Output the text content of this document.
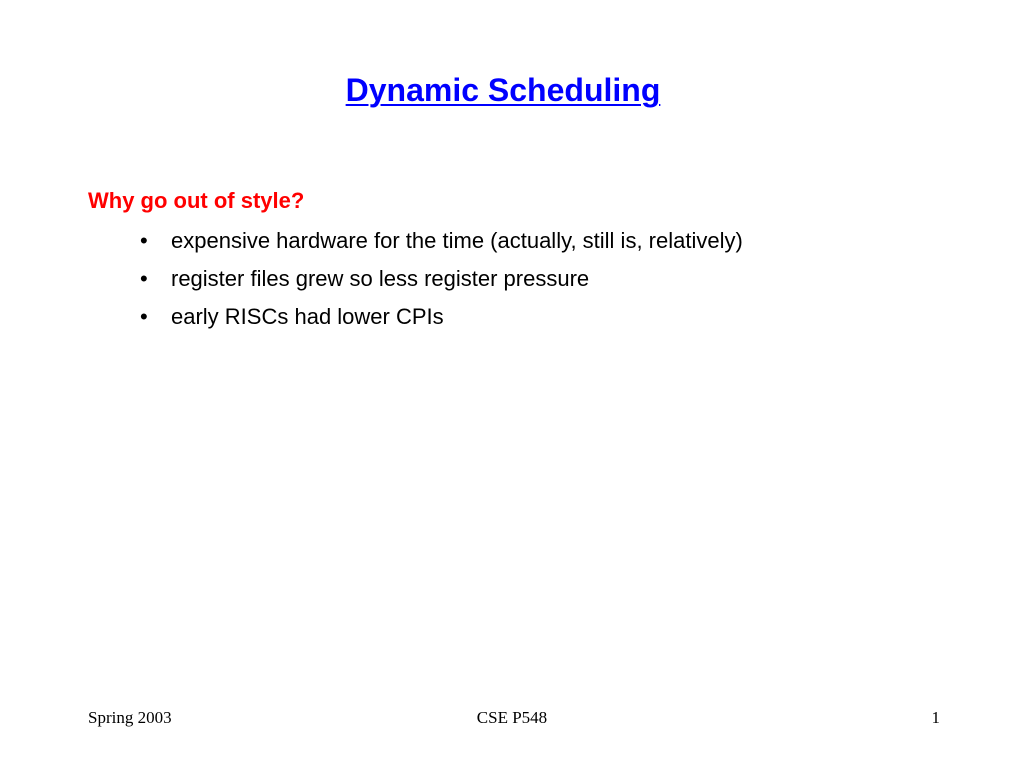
Dynamic Scheduling
Why go out of style?
• expensive hardware for the time (actually, still is, relatively)
• register files grew so less register pressure
• early RISCs had lower CPIs
Spring 2003	CSE P548	1
